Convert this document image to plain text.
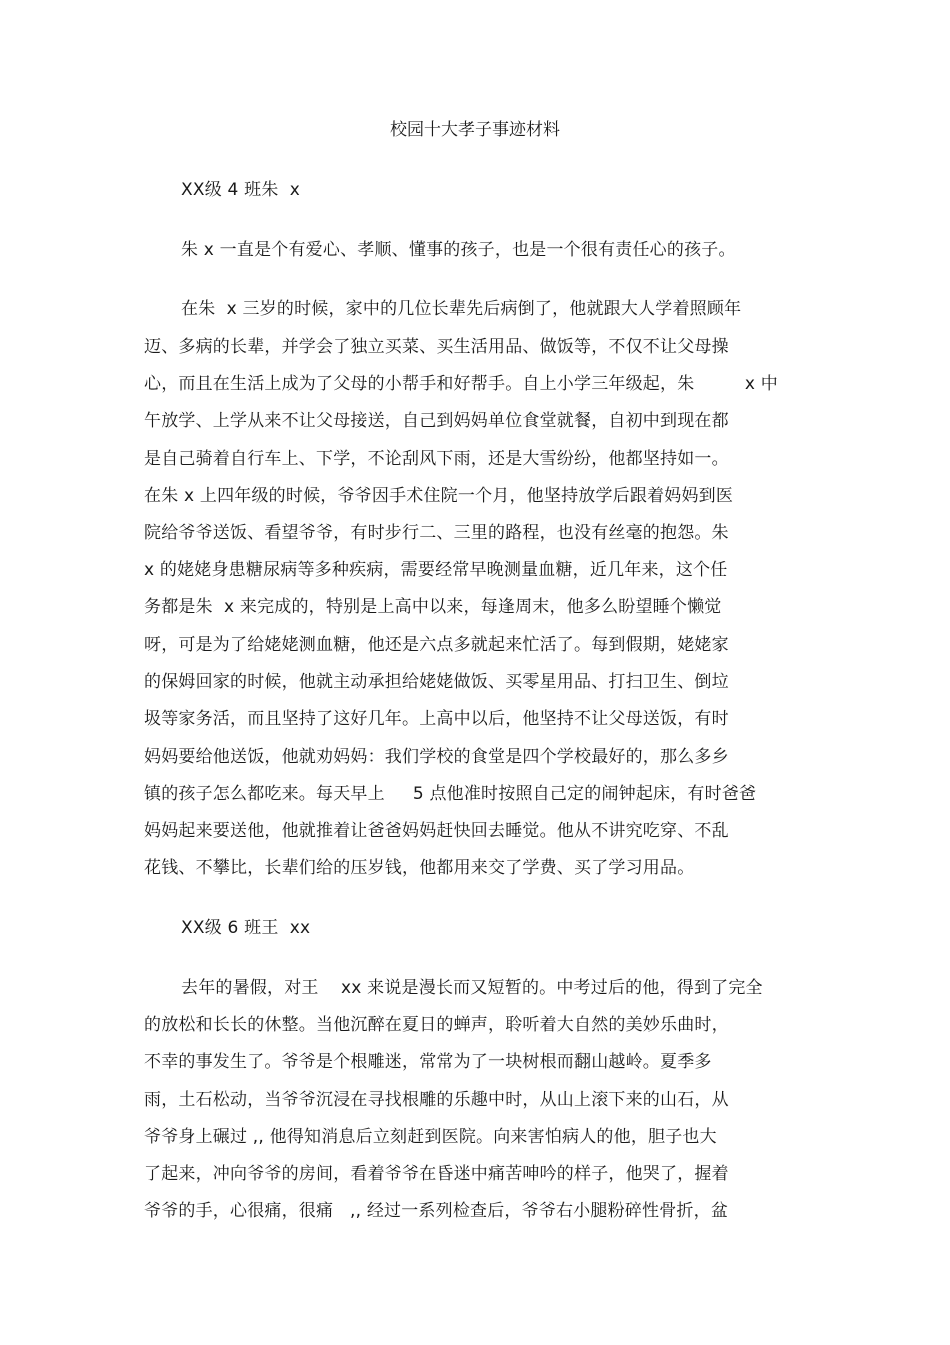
校园十大孝子事迹材料
XX级 4 班朱  x
朱 x 一直是个有爱心、孝顺、懂事的孩子，也是一个很有责任心的孩子。
在朱  x 三岁的时候，家中的几位长辈先后病倒了，他就跟大人学着照顾年
迈、多病的长辈，并学会了独立买菜、买生活用品、做饭等，不仅不让父母操
心，而且在生活上成为了父母的小帮手和好帮手。自上小学三年级起，朱         x 中
午放学、上学从来不让父母接送，自己到妈妈单位食堂就餐，自初中到现在都
是自己骑着自行车上、下学，不论刮风下雨，还是大雪纷纷，他都坚持如一。
在朱 x 上四年级的时候，爷爷因手术住院一个月，他坚持放学后跟着妈妈到医
院给爷爷送饭、看望爷爷，有时步行二、三里的路程，也没有丝毫的抱怨。朱
x 的姥姥身患糖尿病等多种疾病，需要经常早晚测量血糖，近几年来，这个任
务都是朱  x 来完成的，特别是上高中以来，每逢周末，他多么盼望睡个懒觉
呀，可是为了给姥姥测血糖，他还是六点多就起来忙活了。每到假期，姥姥家
的保姆回家的时候，他就主动承担给姥姥做饭、买零星用品、打扫卫生、倒垃
圾等家务活，而且坚持了这好几年。上高中以后，他坚持不让父母送饭，有时
妈妈要给他送饭，他就劝妈妈：我们学校的食堂是四个学校最好的，那么多乡
镇的孩子怎么都吃来。每天早上     5 点他准时按照自己定的闹钟起床，有时爸爸
妈妈起来要送他，他就推着让爸爸妈妈赶快回去睡觉。他从不讲究吃穿、不乱
花钱、不攀比，长辈们给的压岁钱，他都用来交了学费、买了学习用品。
XX级 6 班王  xx
去年的暑假，对王    xx 来说是漫长而又短暂的。中考过后的他，得到了完全
的放松和长长的休整。当他沉醉在夏日的蝉声，聆听着大自然的美妙乐曲时，
不幸的事发生了。爷爷是个根雕迷，常常为了一块树根而翻山越岭。夏季多
雨，土石松动，当爷爷沉浸在寻找根雕的乐趣中时，从山上滚下来的山石，从
爷爷身上碾过 ,, 他得知消息后立刻赶到医院。向来害怕病人的他，胆子也大
了起来，冲向爷爷的房间，看着爷爷在昏迷中痛苦呻吟的样子，他哭了，握着
爷爷的手，心很痛，很痛   ,, 经过一系列检查后，爷爷右小腿粉碎性骨折，盆
